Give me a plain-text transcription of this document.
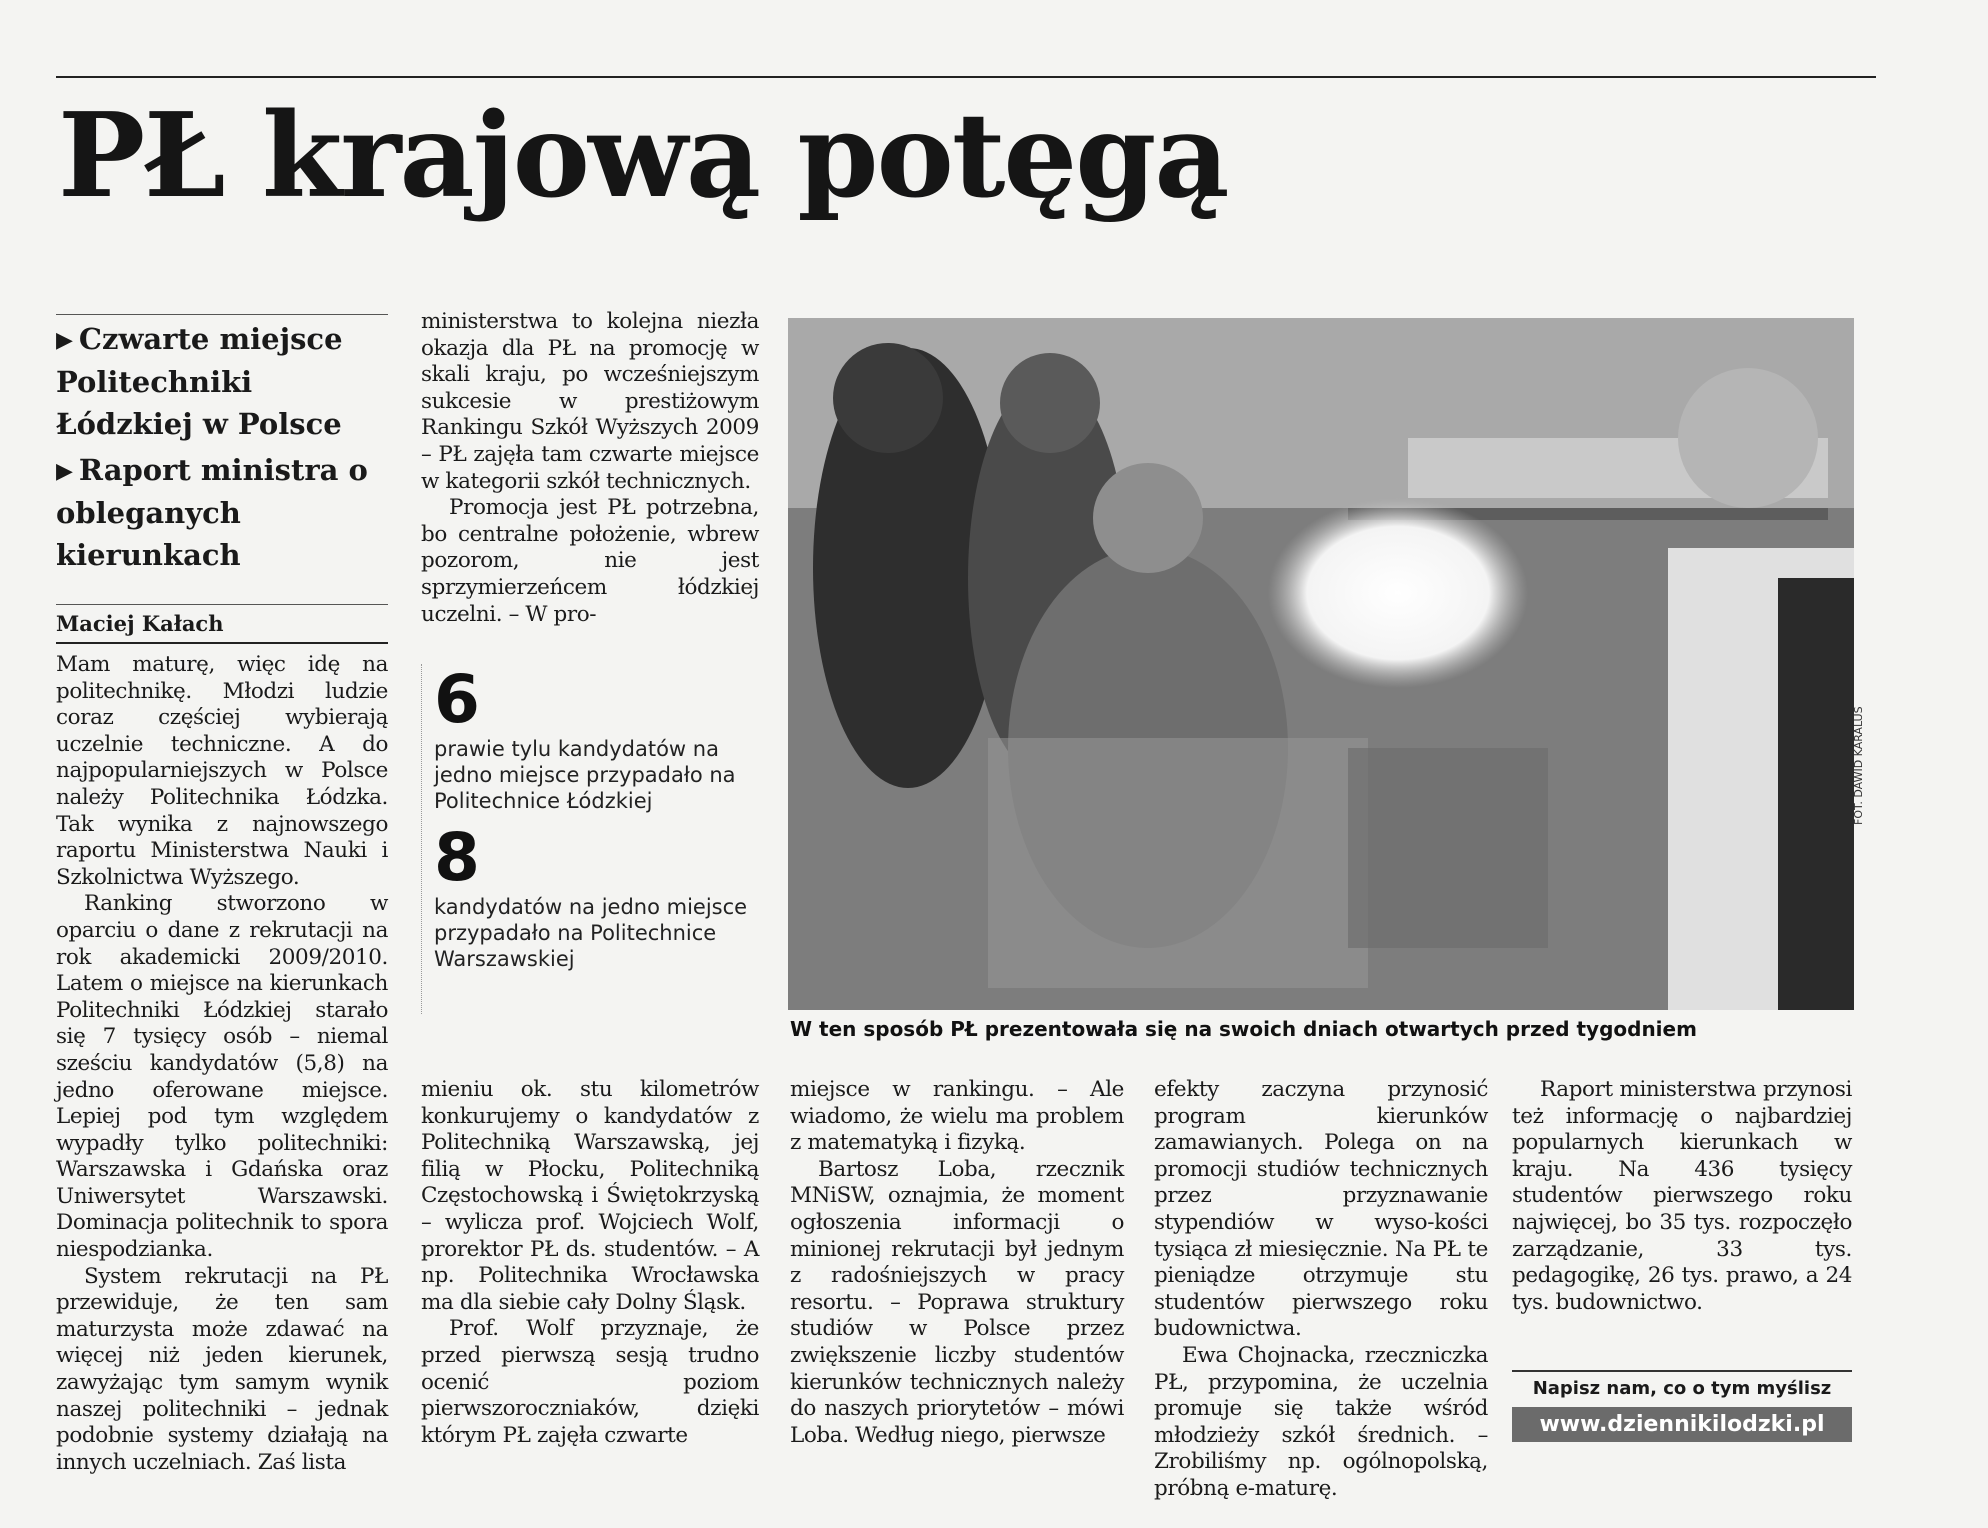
PŁ krajową potęgą
▶ Czwarte miejsce Politechniki Łódzkiej w Polsce
▶ Raport ministra o obleganych kierunkach
Maciej Kałach

Mam maturę, więc idę na politechnikę. Młodzi ludzie coraz częściej wybierają uczelnie techniczne. A do najpopularniejszych w Polsce należy Politechnika Łódzka. Tak wynika z najnowszego raportu Ministerstwa Nauki i Szkolnictwa Wyższego.

Ranking stworzono w oparciu o dane z rekrutacji na rok akademicki 2009/2010. Latem o miejsce na kierunkach Politechniki Łódzkiej starało się 7 tysięcy osób – niemal sześciu kandydatów (5,8) na jedno oferowane miejsce. Lepiej pod tym względem wypadły tylko politechniki: Warszawska i Gdańska oraz Uniwersytet Warszawski. Dominacja politechnik to spora niespodzianka.

System rekrutacji na PŁ przewiduje, że ten sam maturzysta może zdawać na więcej niż jeden kierunek, zawyżając tym samym wynik naszej politechniki – jednak podobnie systemy działają na innych uczelniach. Zaś lista

ministerstwa to kolejna niezła okazja dla PŁ na promocję w skali kraju, po wcześniejszym sukcesie w prestiżowym Rankingu Szkół Wyższych 2009 – PŁ zajęła tam czwarte miejsce w kategorii szkół technicznych.

Promocja jest PŁ potrzebna, bo centralne położenie, wbrew pozorom, nie jest sprzymierzeńcem łódzkiej uczelni. – W pro-

6
prawie tylu kandydatów na jedno miejsce przypadało na Politechnice Łódzkiej
8
kandydatów na jedno miejsce przypadało na Politechnice Warszawskiej

mieniu ok. stu kilometrów konkurujemy o kandydatów z Politechniką Warszawską, jej filią w Płocku, Politechniką Częstochowską i Świętokrzyską – wylicza prof. Wojciech Wolf, prorektor PŁ ds. studentów. – A np. Politechnika Wrocławska ma dla siebie cały Dolny Śląsk.

Prof. Wolf przyznaje, że przed pierwszą sesją trudno ocenić poziom pierwszoroczniaków, dzięki którym PŁ zajęła czwarte

FOT. DAWID KARALUS
W ten sposób PŁ prezentowała się na swoich dniach otwartych przed tygodniem

miejsce w rankingu. – Ale wiadomo, że wielu ma problem z matematyką i fizyką.

Bartosz Loba, rzecznik MNiSW, oznajmia, że moment ogłoszenia informacji o minionej rekrutacji był jednym z radośniejszych w pracy resortu. – Poprawa struktury studiów w Polsce przez zwiększenie liczby studentów kierunków technicznych należy do naszych priorytetów – mówi Loba. Według niego, pierwsze

efekty zaczyna przynosić program kierunków zamawianych. Polega on na promocji studiów technicznych przez przyznawanie stypendiów w wyso-kości tysiąca zł miesięcznie. Na PŁ te pieniądze otrzymuje stu studentów pierwszego roku budownictwa.

Ewa Chojnacka, rzeczniczka PŁ, przypomina, że uczelnia promuje się także wśród młodzieży szkół średnich. – Zrobiliśmy np. ogólnopolską, próbną e-maturę.

Raport ministerstwa przynosi też informację o najbardziej popularnych kierunkach w kraju. Na 436 tysięcy studentów pierwszego roku najwięcej, bo 35 tys. rozpoczęło zarządzanie, 33 tys. pedagogikę, 26 tys. prawo, a 24 tys. budownictwo.

Napisz nam, co o tym myślisz
www.dziennikilodzki.pl
